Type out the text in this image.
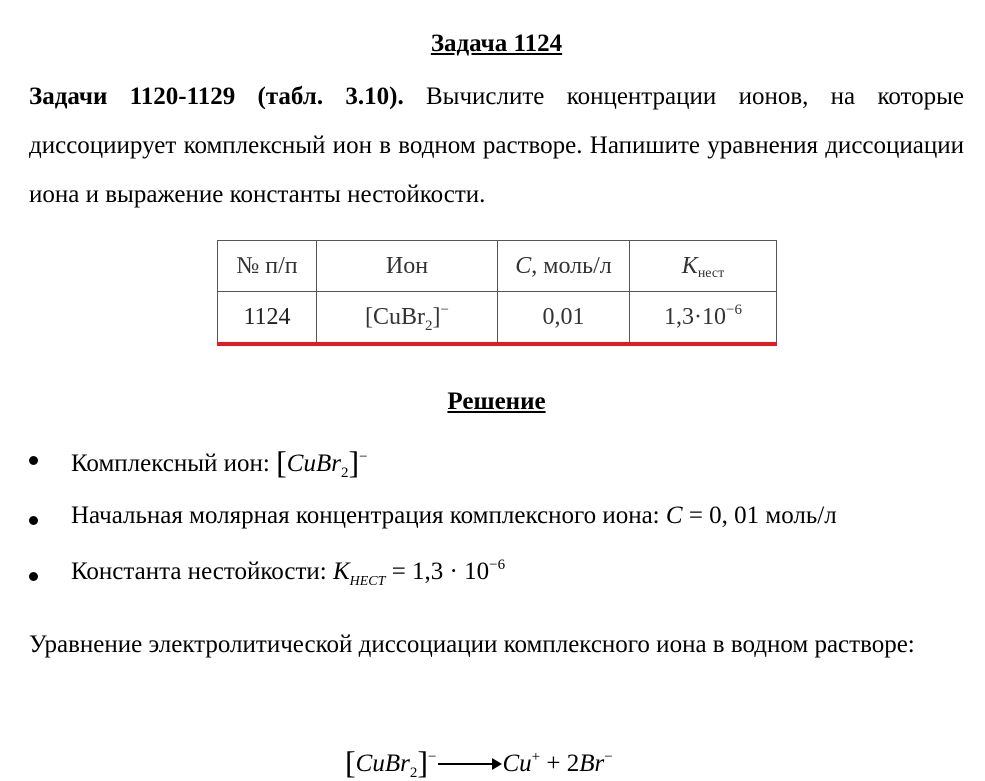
Задача 1124
Задачи 1120-1129 (табл. 3.10). Вычислите концентрации ионов, на которые диссоциирует комплексный ион в водном растворе. Напишите уравнения диссоциации иона и выражение константы нестойкости.
№ п/п	Ион	C, моль/л	Kнест
1124	[CuBr$_2$]−	0,01	$1,3\cdot 10^{-6}$
Решение
Комплексный ион: [CuBr$_2$]−
Начальная молярная концентрация комплексного иона: C = 0, 01 моль/л
Константа нестойкости: $K_{НЕСТ} = 1,3 \cdot 10^{-6}$
Уравнение электролитической диссоциации комплексного иона в водном растворе:
[CuBr$_2$]−	Cu+ + 2Br−
